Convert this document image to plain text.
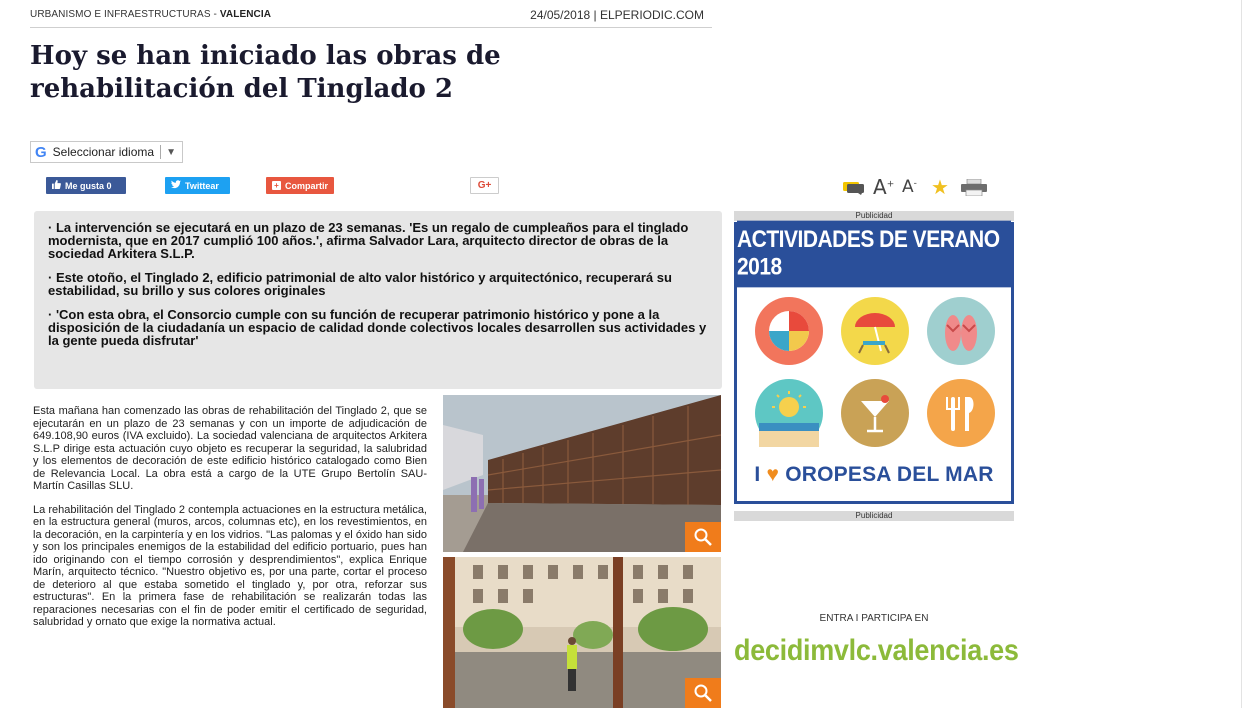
URBANISMO E INFRAESTRUCTURAS - VALENCIA	24/05/2018 | ELPERIODIC.COM
Hoy se han iniciado las obras de rehabilitación del Tinglado 2
G Seleccionar idioma ▼
Me gusta 0	Twittear	+ Compartir	G+	A+ A- ★

· La intervención se ejecutará en un plazo de 23 semanas. 'Es un regalo de cumpleaños para el tinglado modernista, que en 2017 cumplió 100 años.', afirma Salvador Lara, arquitecto director de obras de la sociedad Arkitera S.L.P.

· Este otoño, el Tinglado 2, edificio patrimonial de alto valor histórico y arquitectónico, recuperará su estabilidad, su brillo y sus colores originales

· 'Con esta obra, el Consorcio cumple con su función de recuperar patrimonio histórico y pone a la disposición de la ciudadanía un espacio de calidad donde colectivos locales desarrollen sus actividades y la gente pueda disfrutar'

Esta mañana han comenzado las obras de rehabilitación del Tinglado 2, que se ejecutarán en un plazo de 23 semanas y con un importe de adjudicación de 649.108,90 euros (IVA excluido). La sociedad valenciana de arquitectos Arkitera S.L.P dirige esta actuación cuyo objeto es recuperar la seguridad, la salubridad y los elementos de decoración de este edificio histórico catalogado como Bien de Relevancia Local. La obra está a cargo de la UTE Grupo Bertolín SAU- Martín Casillas SLU.

La rehabilitación del Tinglado 2 contempla actuaciones en la estructura metálica, en la estructura general (muros, arcos, columnas etc), en los revestimientos, en la decoración, en la carpintería y en los vidrios. "Las palomas y el óxido han sido y son los principales enemigos de la estabilidad del edificio portuario, pues han ido originando con el tiempo corrosión y desprendimientos", explica Enrique Marín, arquitecto técnico. "Nuestro objetivo es, por una parte, cortar el proceso de deterioro al que estaba sometido el tinglado y, por otra, reforzar sus estructuras". En la primera fase de rehabilitación se realizarán todas las reparaciones necesarias con el fin de poder emitir el certificado de seguridad, salubridad y ornato que exige la normativa actual.

Publicidad
ACTIVIDADES DE VERANO 2018
I ♥ OROPESA DEL MAR
Publicidad
ENTRA I PARTICIPA EN
decidimvlc.valencia.es
